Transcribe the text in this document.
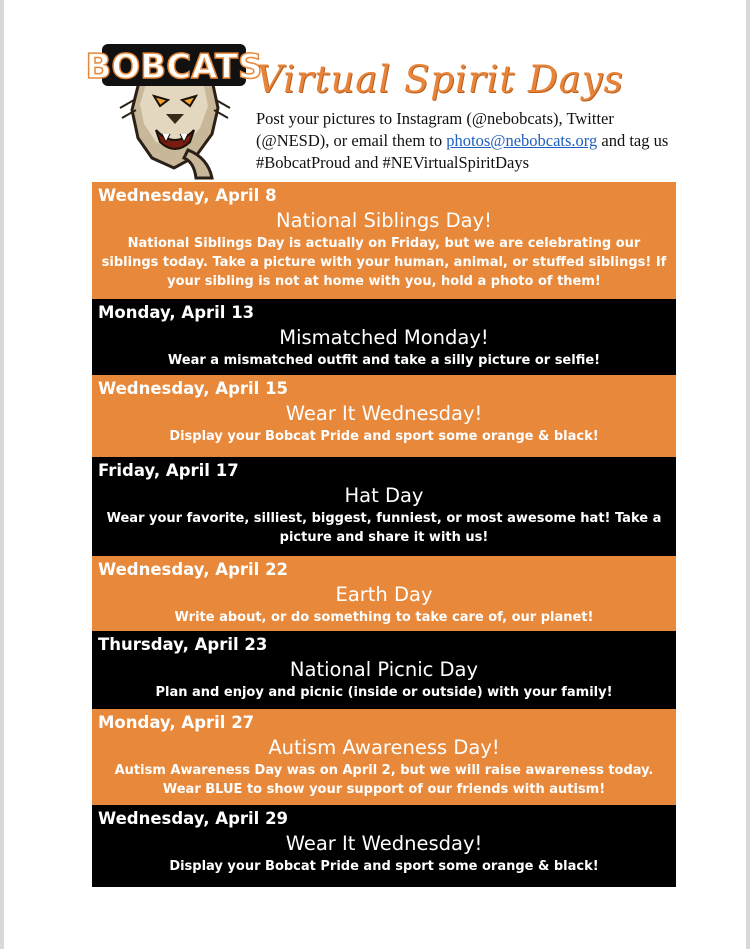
BOBCATS
Virtual Spirit Days
Post your pictures to Instagram (@nebobcats), Twitter (@NESD), or email them to photos@nebobcats.org and tag us #BobcatProud and #NEVirtualSpiritDays
Wednesday, April 8
National Siblings Day!
National Siblings Day is actually on Friday, but we are celebrating our siblings today. Take a picture with your human, animal, or stuffed siblings! If your sibling is not at home with you, hold a photo of them!
Monday, April 13
Mismatched Monday!
Wear a mismatched outfit and take a silly picture or selfie!
Wednesday, April 15
Wear It Wednesday!
Display your Bobcat Pride and sport some orange & black!
Friday, April 17
Hat Day
Wear your favorite, silliest, biggest, funniest, or most awesome hat! Take a picture and share it with us!
Wednesday, April 22
Earth Day
Write about, or do something to take care of, our planet!
Thursday, April 23
National Picnic Day
Plan and enjoy and picnic (inside or outside) with your family!
Monday, April 27
Autism Awareness Day!
Autism Awareness Day was on April 2, but we will raise awareness today. Wear BLUE to show your support of our friends with autism!
Wednesday, April 29
Wear It Wednesday!
Display your Bobcat Pride and sport some orange & black!
